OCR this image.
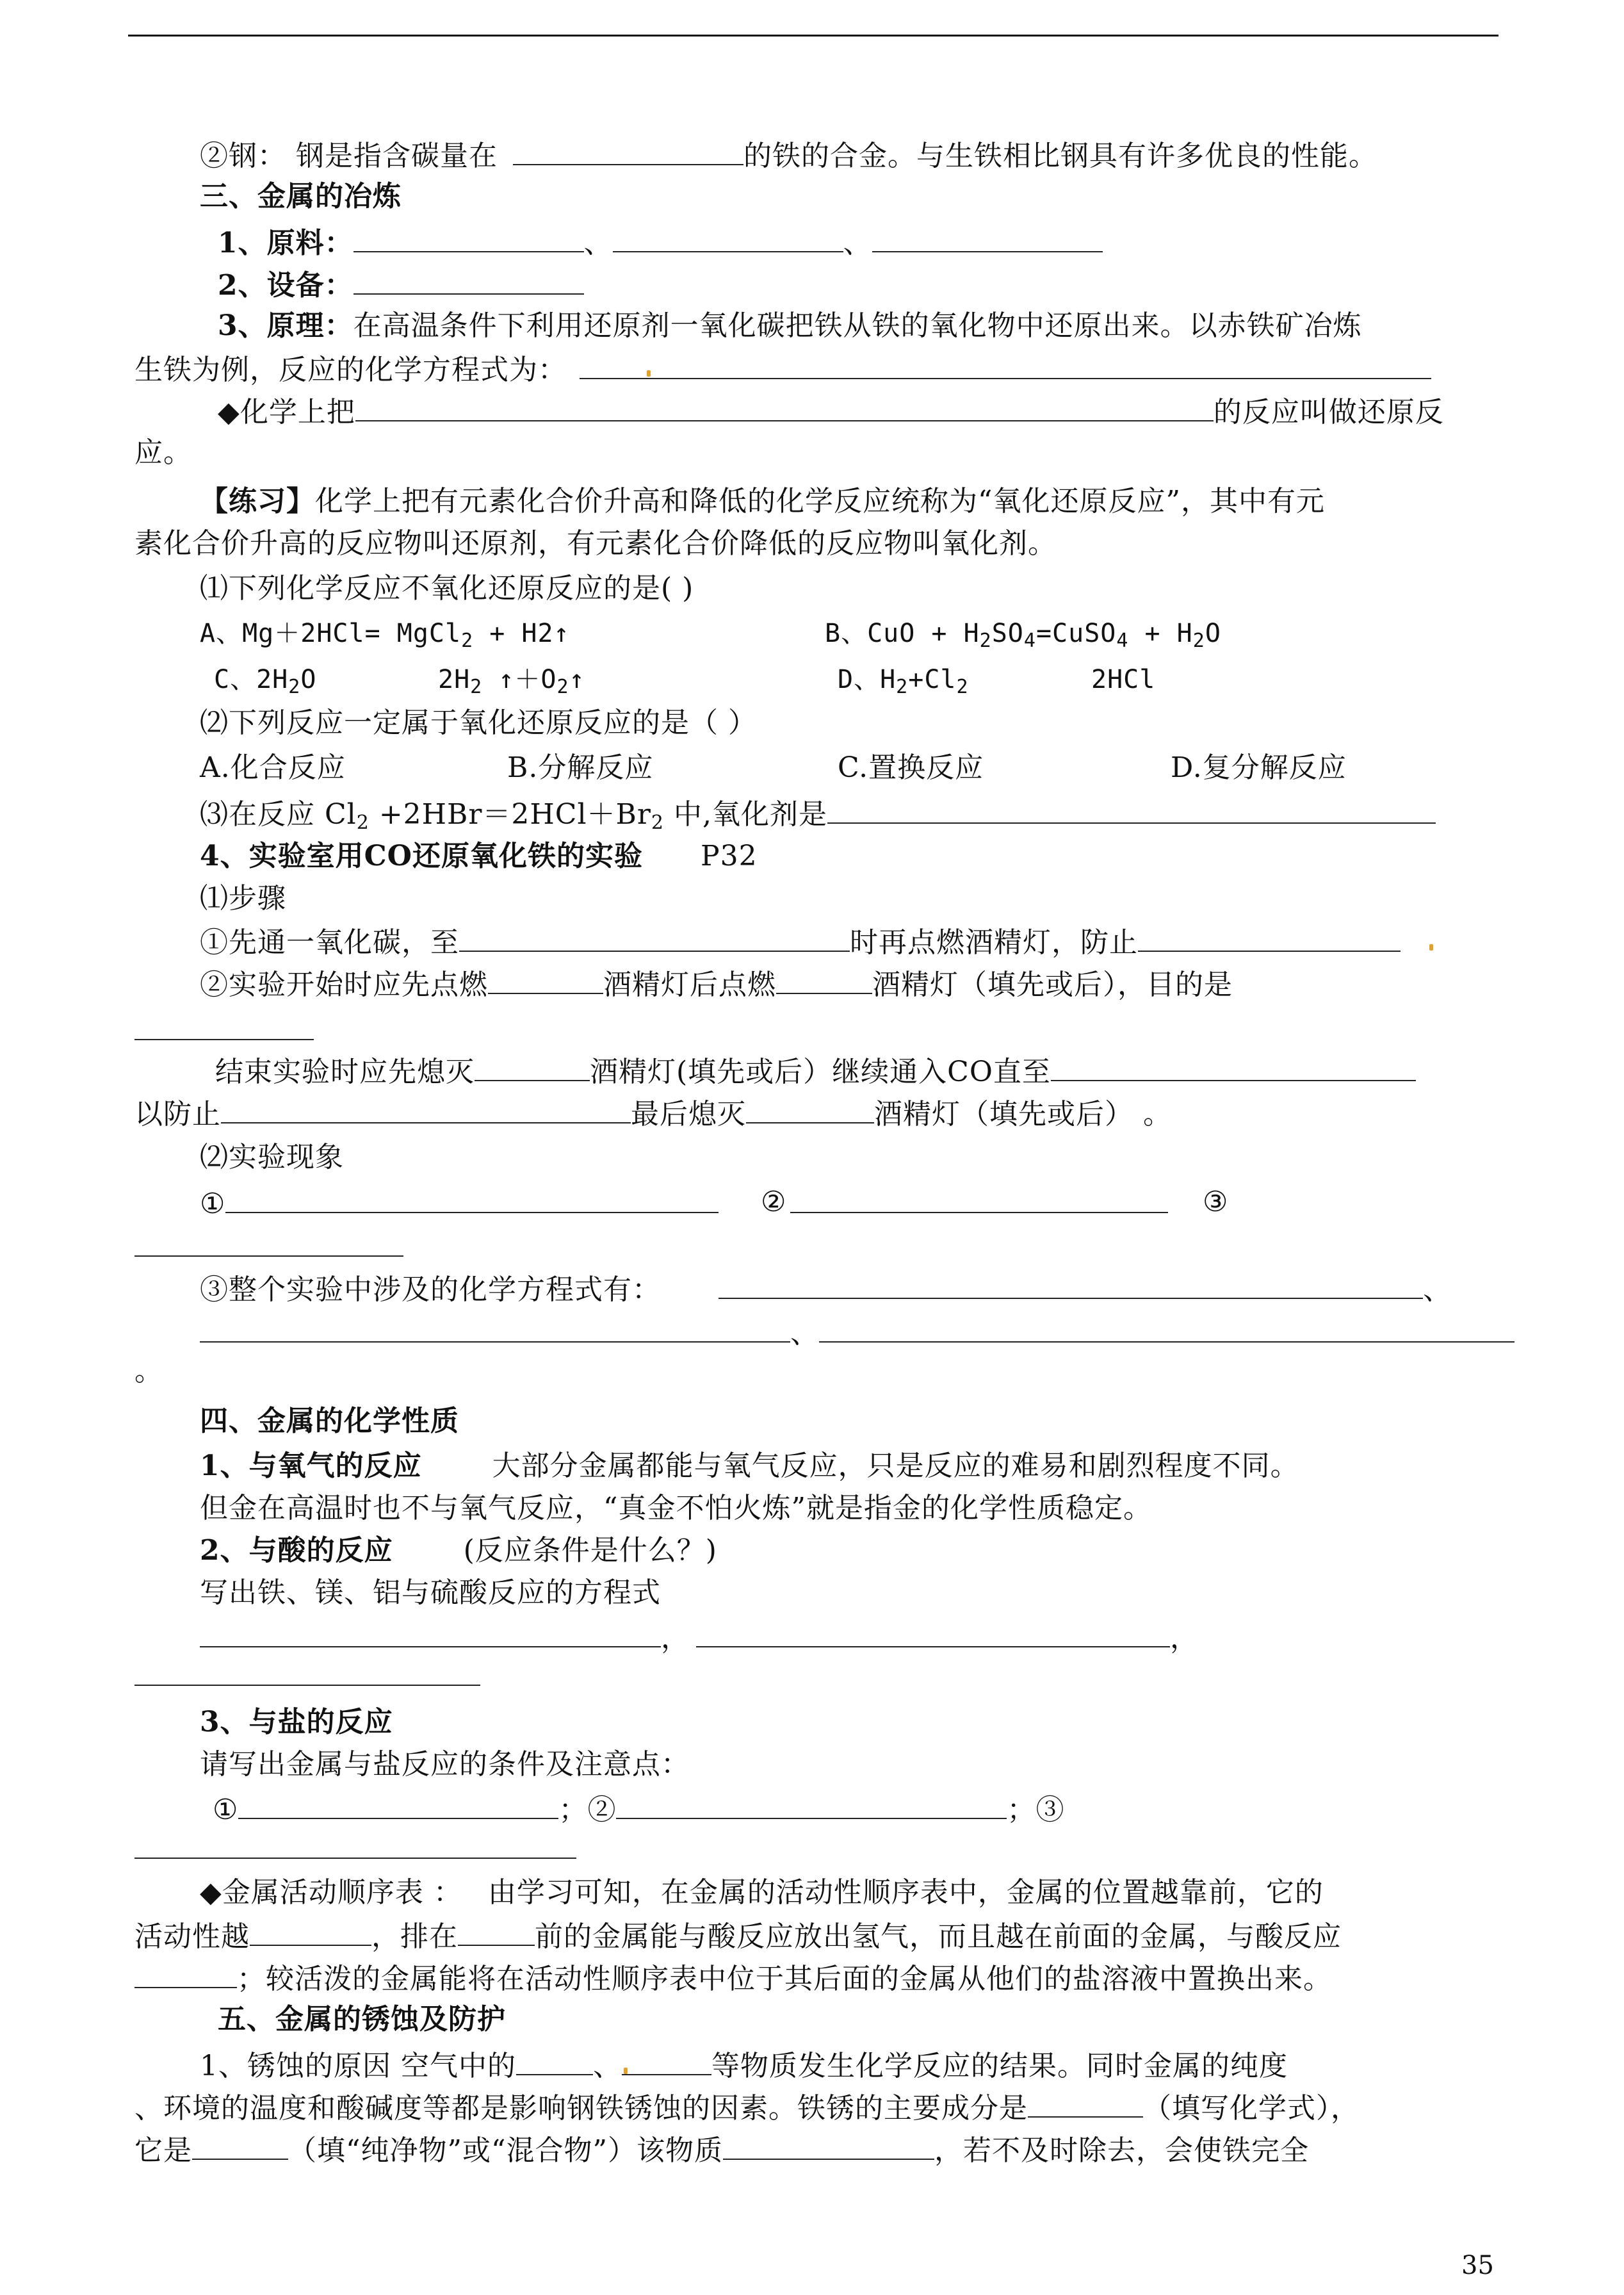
②钢： 钢是指含碳量在	的铁的合金。与生铁相比钢具有许多优良的性能。
三、金属的冶炼
1、原料：	、	、
2、设备：
3、原理：在高温条件下利用还原剂一氧化碳把铁从铁的氧化物中还原出来。以赤铁矿冶炼
生铁为例，反应的化学方程式为：
◆化学上把	的反应叫做还原反
应。
【练习】化学上把有元素化合价升高和降低的化学反应统称为“氧化还原反应”，其中有元
素化合价升高的反应物叫还原剂，有元素化合价降低的反应物叫氧化剂。
⑴下列化学反应不氧化还原反应的是( )
A、Mg＋2HCl= MgCl$_2$ + H2↑	B、CuO + $H_2SO_4=CuSO_4 + H_2O$
C、$2H_2O$	$2H_2$ $↑+O_2↑$	D、$H_2+Cl_2$	2HCl
⑵下列反应一定属于氧化还原反应的是（ ）
A.化合反应	B.分解反应	C.置换反应	D.复分解反应
⑶在反应 $Cl_2 +2HBr=2HCl+Br_2$ 中,氧化剂是
4、实验室用CO还原氧化铁的实验 P32
⑴步骤
①先通一氧化碳，至	时再点燃酒精灯，防止
②实验开始时应先点燃	酒精灯后点燃	酒精灯（填先或后），目的是
结束实验时应先熄灭	酒精灯(填先或后）继续通入CO直至
以防止	最后熄灭	酒精灯（填先或后） 。
⑵实验现象
①	②	③
③整个实验中涉及的化学方程式有：	、
、
。
四、金属的化学性质
1、与氧气的反应	大部分金属都能与氧气反应，只是反应的难易和剧烈程度不同。
但金在高温时也不与氧气反应，“真金不怕火炼”就是指金的化学性质稳定。
2、与酸的反应	(反应条件是什么？)
写出铁、镁、铝与硫酸反应的方程式
，	，
3、与盐的反应
请写出金属与盐反应的条件及注意点：
①	；②	；③
◆金属活动顺序表 ： 由学习可知，在金属的活动性顺序表中，金属的位置越靠前，它的
活动性越	，排在	前的金属能与酸反应放出氢气，而且越在前面的金属，与酸反应
；较活泼的金属能将在活动性顺序表中位于其后面的金属从他们的盐溶液中置换出来。
五、金属的锈蚀及防护
1、锈蚀的原因 空气中的	、	等物质发生化学反应的结果。同时金属的纯度
、环境的温度和酸碱度等都是影响钢铁锈蚀的因素。铁锈的主要成分是	（填写化学式），
它是	（填“纯净物”或“混合物”）该物质	，若不及时除去，会使铁完全
35
